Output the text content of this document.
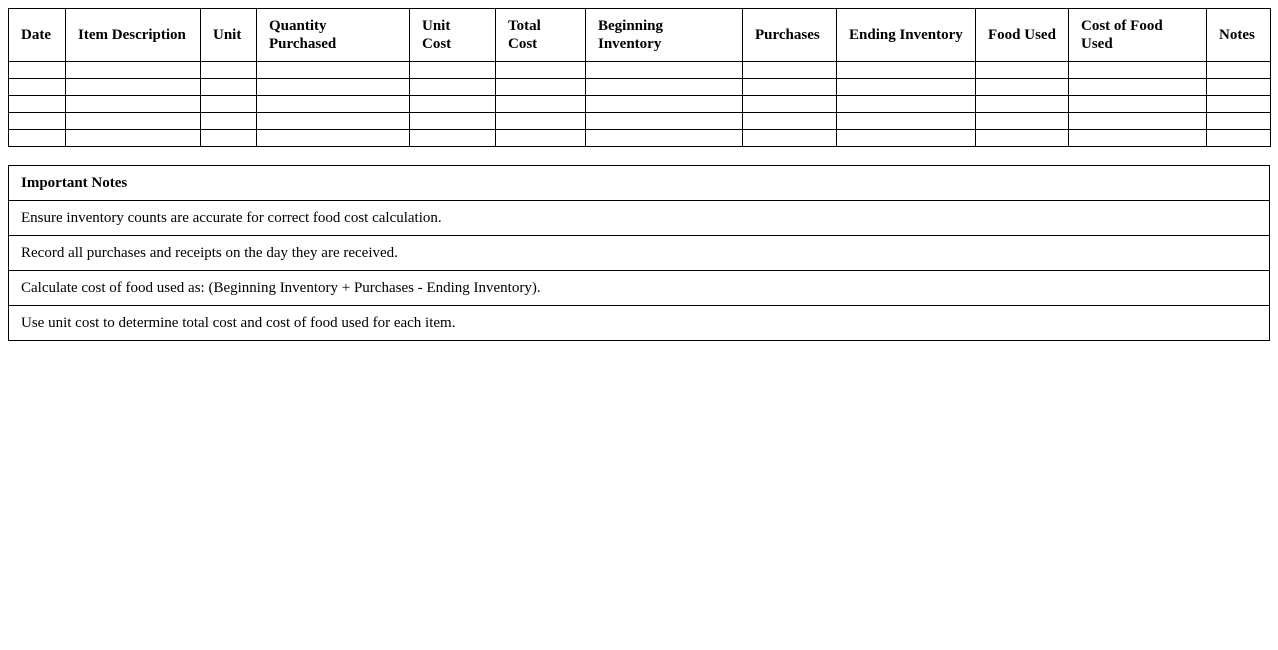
Date	Item Description	Unit	Quantity Purchased	Unit Cost	Total Cost	Beginning Inventory	Purchases	Ending Inventory	Food Used	Cost of Food Used	Notes

Important Notes
Ensure inventory counts are accurate for correct food cost calculation.
Record all purchases and receipts on the day they are received.
Calculate cost of food used as: (Beginning Inventory + Purchases - Ending Inventory).
Use unit cost to determine total cost and cost of food used for each item.
